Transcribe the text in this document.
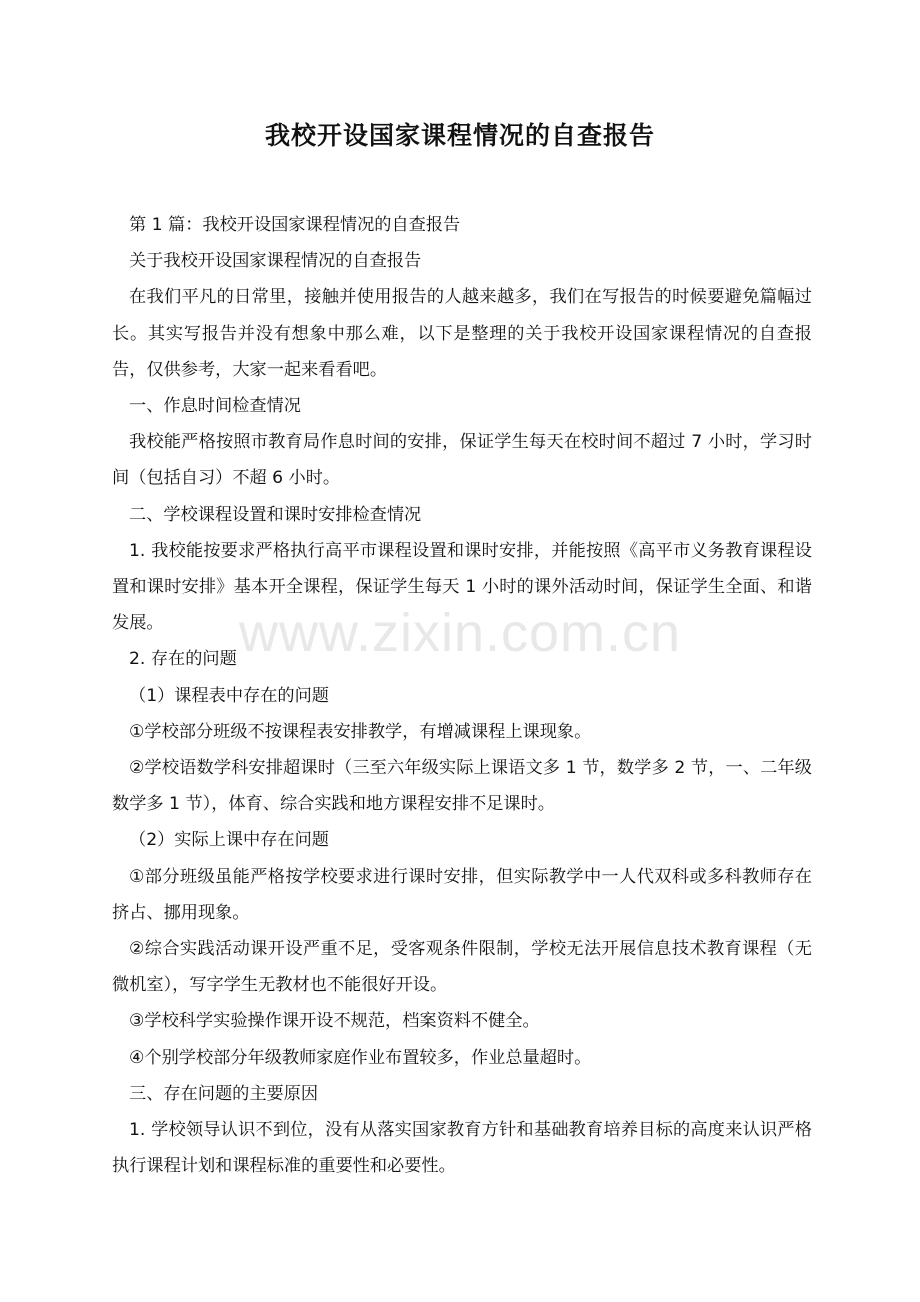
我校开设国家课程情况的自查报告

第 1 篇：我校开设国家课程情况的自查报告

关于我校开设国家课程情况的自查报告

在我们平凡的日常里，接触并使用报告的人越来越多，我们在写报告的时候要避免篇幅过长。其实写报告并没有想象中那么难，以下是整理的关于我校开设国家课程情况的自查报告，仅供参考，大家一起来看看吧。

一、作息时间检查情况

我校能严格按照市教育局作息时间的安排，保证学生每天在校时间不超过 7 小时，学习时间（包括自习）不超 6 小时。

二、学校课程设置和课时安排检查情况

1. 我校能按要求严格执行高平市课程设置和课时安排，并能按照《高平市义务教育课程设置和课时安排》基本开全课程，保证学生每天 1 小时的课外活动时间，保证学生全面、和谐发展。

2. 存在的问题

（1）课程表中存在的问题

①学校部分班级不按课程表安排教学，有增减课程上课现象。

②学校语数学科安排超课时（三至六年级实际上课语文多 1 节，数学多 2 节，一、二年级数学多 1 节），体育、综合实践和地方课程安排不足课时。

（2）实际上课中存在问题

①部分班级虽能严格按学校要求进行课时安排，但实际教学中一人代双科或多科教师存在挤占、挪用现象。

②综合实践活动课开设严重不足，受客观条件限制，学校无法开展信息技术教育课程（无微机室），写字学生无教材也不能很好开设。

③学校科学实验操作课开设不规范，档案资料不健全。

④个别学校部分年级教师家庭作业布置较多，作业总量超时。

三、存在问题的主要原因

1. 学校领导认识不到位，没有从落实国家教育方针和基础教育培养目标的高度来认识严格执行课程计划和课程标准的重要性和必要性。

www.zixin.com.cn
